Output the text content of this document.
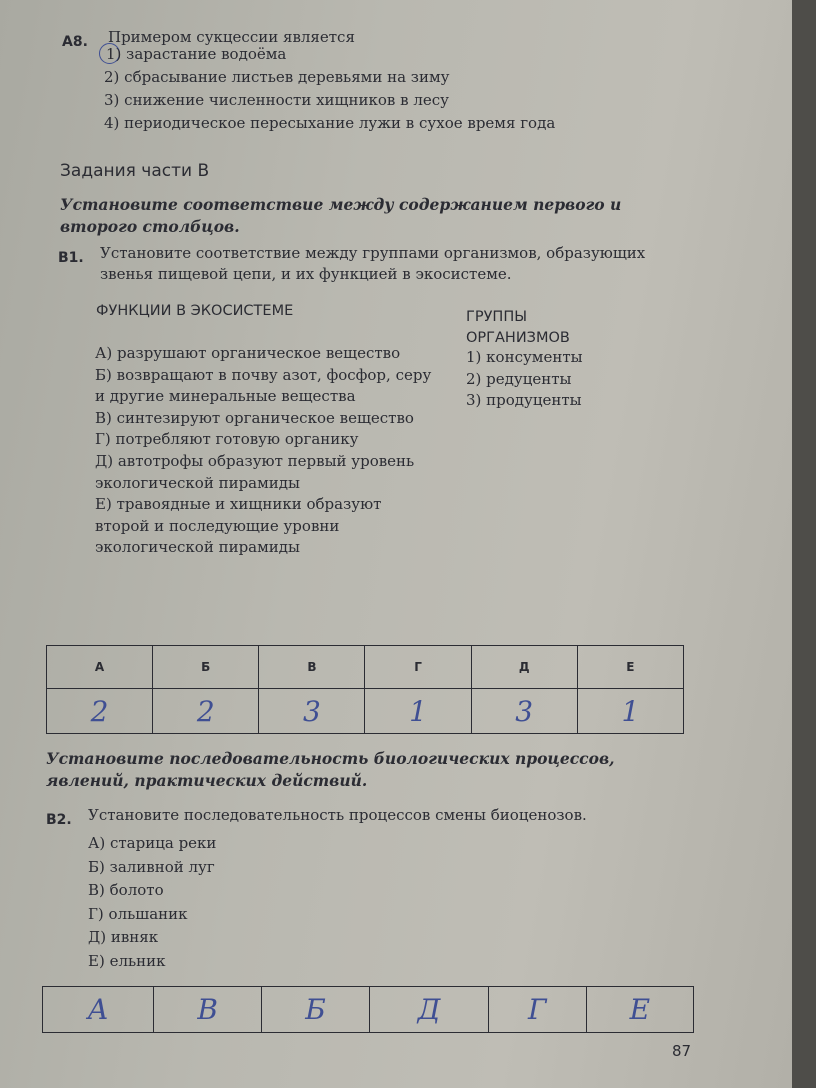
А8. Примером сукцессии является
1) зарастание водоёма
2) сбрасывание листьев деревьями на зиму
3) снижение численности хищников в лесу
4) периодическое пересыхание лужи в сухое время года
Задания части В
Установите соответствие между содержанием первого и второго столбцов.
В1. Установите соответствие между группами организмов, образующих звенья пищевой цепи, и их функцией в экосистеме.
ФУНКЦИИ В ЭКОСИСТЕМЕ	ГРУППЫ ОРГАНИЗМОВ
А) разрушают органическое вещество
Б) возвращают в почву азот, фосфор, серу и другие минеральные вещества
В) синтезируют органическое вещество
Г) потребляют готовую органику
Д) автотрофы образуют первый уровень экологической пирамиды
Е) травоядные и хищники образуют второй и последующие уровни экологической пирамиды
1) консументы
2) редуценты
3) продуценты
А	Б	В	Г	Д	Е
2	2	3	1	3	1
Установите последовательность биологических процессов, явлений, практических действий.
В2. Установите последовательность процессов смены биоценозов.
А) старица реки
Б) заливной луг
В) болото
Г) ольшаник
Д) ивняк
Е) ельник
А	В	Б	Д	Г	Е
87
